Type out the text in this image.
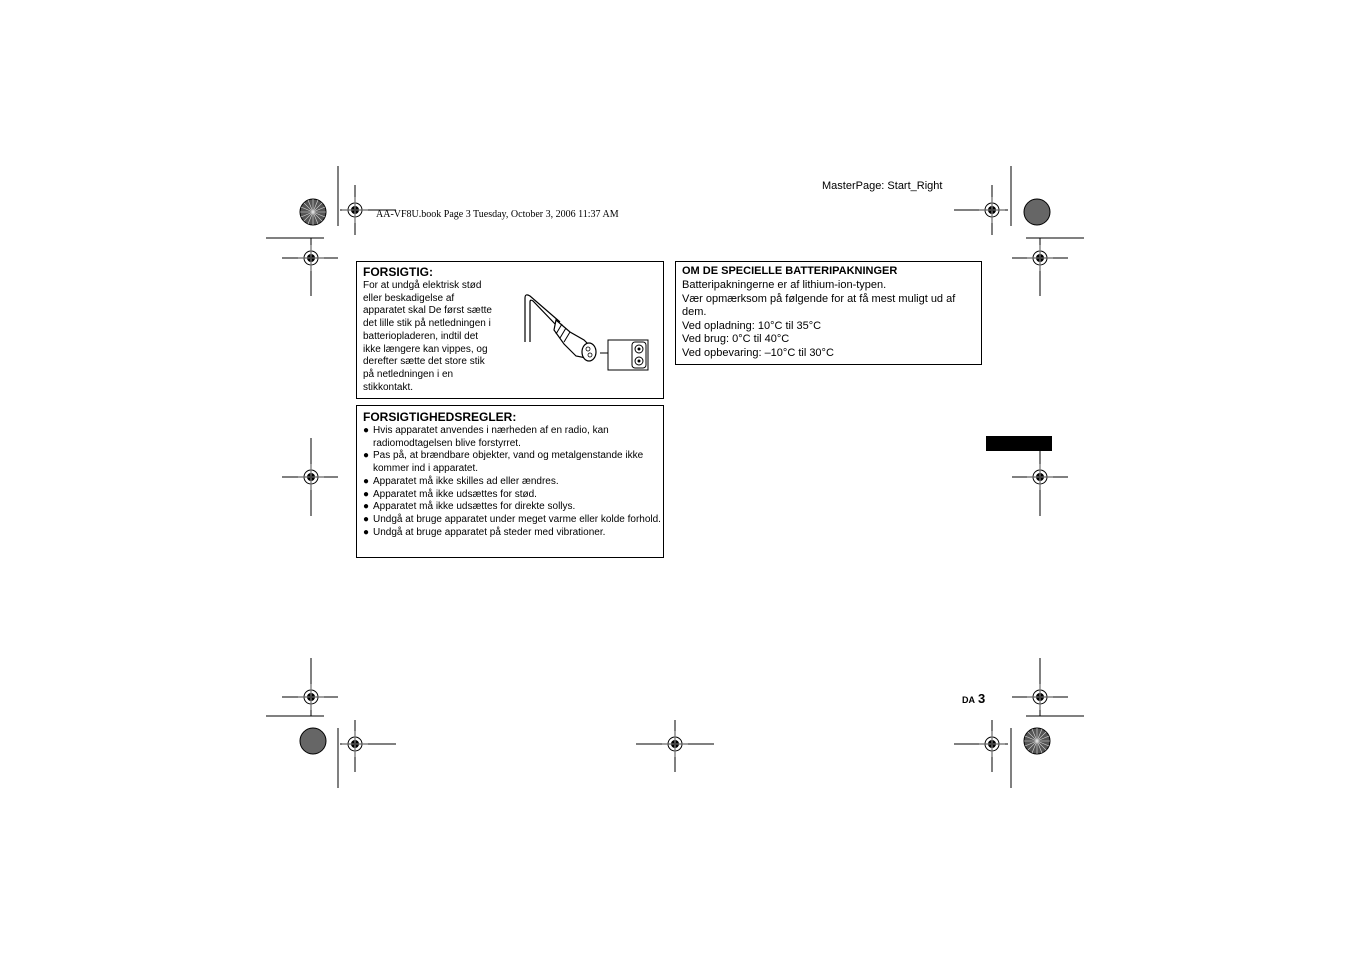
MasterPage: Start_Right
AA-VF8U.book Page 3 Tuesday, October 3, 2006 11:37 AM
FORSIGTIG:
For at undgå elektrisk stød
eller beskadigelse af
apparatet skal De først sætte
det lille stik på netledningen i
batteriopladeren, indtil det
ikke længere kan vippes, og
derefter sætte det store stik
på netledningen i en
stikkontakt.
FORSIGTIGHEDSREGLER:
● Hvis apparatet anvendes i nærheden af en radio, kan radiomodtagelsen blive forstyrret.
● Pas på, at brændbare objekter, vand og metalgenstande ikke kommer ind i apparatet.
● Apparatet må ikke skilles ad eller ændres.
● Apparatet må ikke udsættes for stød.
● Apparatet må ikke udsættes for direkte sollys.
● Undgå at bruge apparatet under meget varme eller kolde forhold.
● Undgå at bruge apparatet på steder med vibrationer.
OM DE SPECIELLE BATTERIPAKNINGER
Batteripakningerne er af lithium-ion-typen.
Vær opmærksom på følgende for at få mest muligt ud af dem.
Ved opladning: 10°C til 35°C
Ved brug: 0°C til 40°C
Ved opbevaring: –10°C til 30°C
DA 3
